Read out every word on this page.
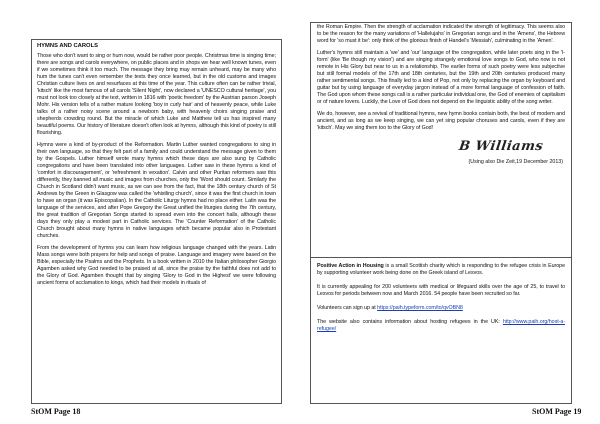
HYMNS AND CAROLS

Those who don't want to sing or hum now, would be rather poor people. Christmas time is singing time; there are songs and carols everywhere, on public places and in shops we hear well known tunes, even if we sometimes think it too much. The message they bring may remain unheard, may be many who hum the tunes can't even remember the texts they once learned, but in the old customs and images Christian culture lives on and resurfaces at this time of the year. This culture often can be rather trivial, 'kitsch' like the most famous of all carols 'Silent Night', now declared a 'UNESCO cultural heritage', you must not look too closely at the text, written in 1816 with 'poetic freedom' by the Austrian parson Joseph Mohr. His version tells of a rather mature looking 'boy in curly hair' and of heavenly peace, while Luke talks of a rather noisy scene around a newborn baby, with heavenly choirs singing praise and shepherds crowding round. But the miracle of which Luke and Matthew tell us has inspired many beautiful poems. Our history of literature doesn't often look at hymns, although this kind of poetry is still flourishing.

Hymns were a kind of by-product of the Reformation. Martin Luther wanted congregations to sing in their own language, so that they felt part of a family and could understand the message given to them by the Gospels. Luther himself wrote many hymns which these days are also sung by Catholic congregations and have been translated into other languages. Luther saw in these hymns a kind of 'comfort in discouragement', or 'refreshment in vexation'. Calvin and other Puritan reformers saw this differently, they banned all music and images from churches, only the 'Word should count. Similarly the Church in Scotland didn't want music, as we can see from the fact, that the 18th century church of St Andrews by the Green in Glasgow was called the 'whistling church', since it was the first church in town to have an organ (it was Episcopalian). In the Catholic Liturgy hymns had no place either. Latin was the language of the services, and after Pope Gregory the Great unified the liturgies during the 7th century, the great tradition of Gregorian Songs started to spread even into the concert halls, although these days they only play a modest part in Catholic services. The 'Counter Reformation' of the Catholic Church brought about many hymns in native languages which became popular also in Protestant churches.

From the development of hymns you can learn how religious language changed with the years. Latin Mass songs were both prayers for help and songs of praise. Language and imagery were based on the Bible, especially the Psalms and the Prophets. In a book written in 2010 the Italian philosopher Giorgio Agamben asked why God needed to be praised at all, since the praise by the faithful does not add to the Glory of God. Agamben thought that by singing 'Glory to God in the Highest' we were following ancient forms of acclamation to kings, which had their models in rituals of

StOM Page 18

the Roman Empire. Then the strength of acclamation indicated the strength of legitimacy. This seems also to be the reason for the many variations of 'Hallelujahs' in Gregorian songs and in the 'Amens', the Hebrew word for 'so must it be': only think of the glorious finish of Handel's 'Messiah', culminating in the 'Amen'.

Luther's hymns still maintain a 'we' and 'our' language of the congregation, while later poets sing in the 'I-form' (like 'Be though my vision') and are singing strangely emotional love songs to God, who now is not remote in His Glory but near to us in a relationship. The earlier forms of such poetry were less subjective but still formal models of the 17th and 18th centuries, but the 19th and 20th centuries produced many rather sentimental songs. This finally led to a kind of Pop, not only by replacing the organ by keyboard and guitar but by using language of everyday jargon instead of a more formal language of confession of faith. The God upon whom these songs call is a rather particular individual one, the God of enemies of capitalism or of nature lovers. Luckily, the Love of God does not depend on the linguistic ability of the song writer.

We do, however, see a revival of traditional hymns, new hymn books contain both, the best of modern and ancient, and as long as we keep singing, we can yet sing popular choruses and carols, even if they are 'kitsch'. May we sing them too to the Glory of God!

B Williams

(Using also Die Zeit,19 December 2013)

Positive Action in Housing is a small Scottish charity which is responding to the refugee crisis in Europe by supporting volunteer work being done on the Greek island of Lesvos.

It is currently appealing for 200 volunteers with medical or lifeguard skills over the age of 25, to travel to Lesvos for periods between now and March 2016. 54 people have been recruited so far.

Volunteers can sign up at https://paih.typeform.com/to/qvOBN8

The website also contains information about hosting refugees in the UK: http://www.paih.org/host-a-refugee/

StOM Page 19
